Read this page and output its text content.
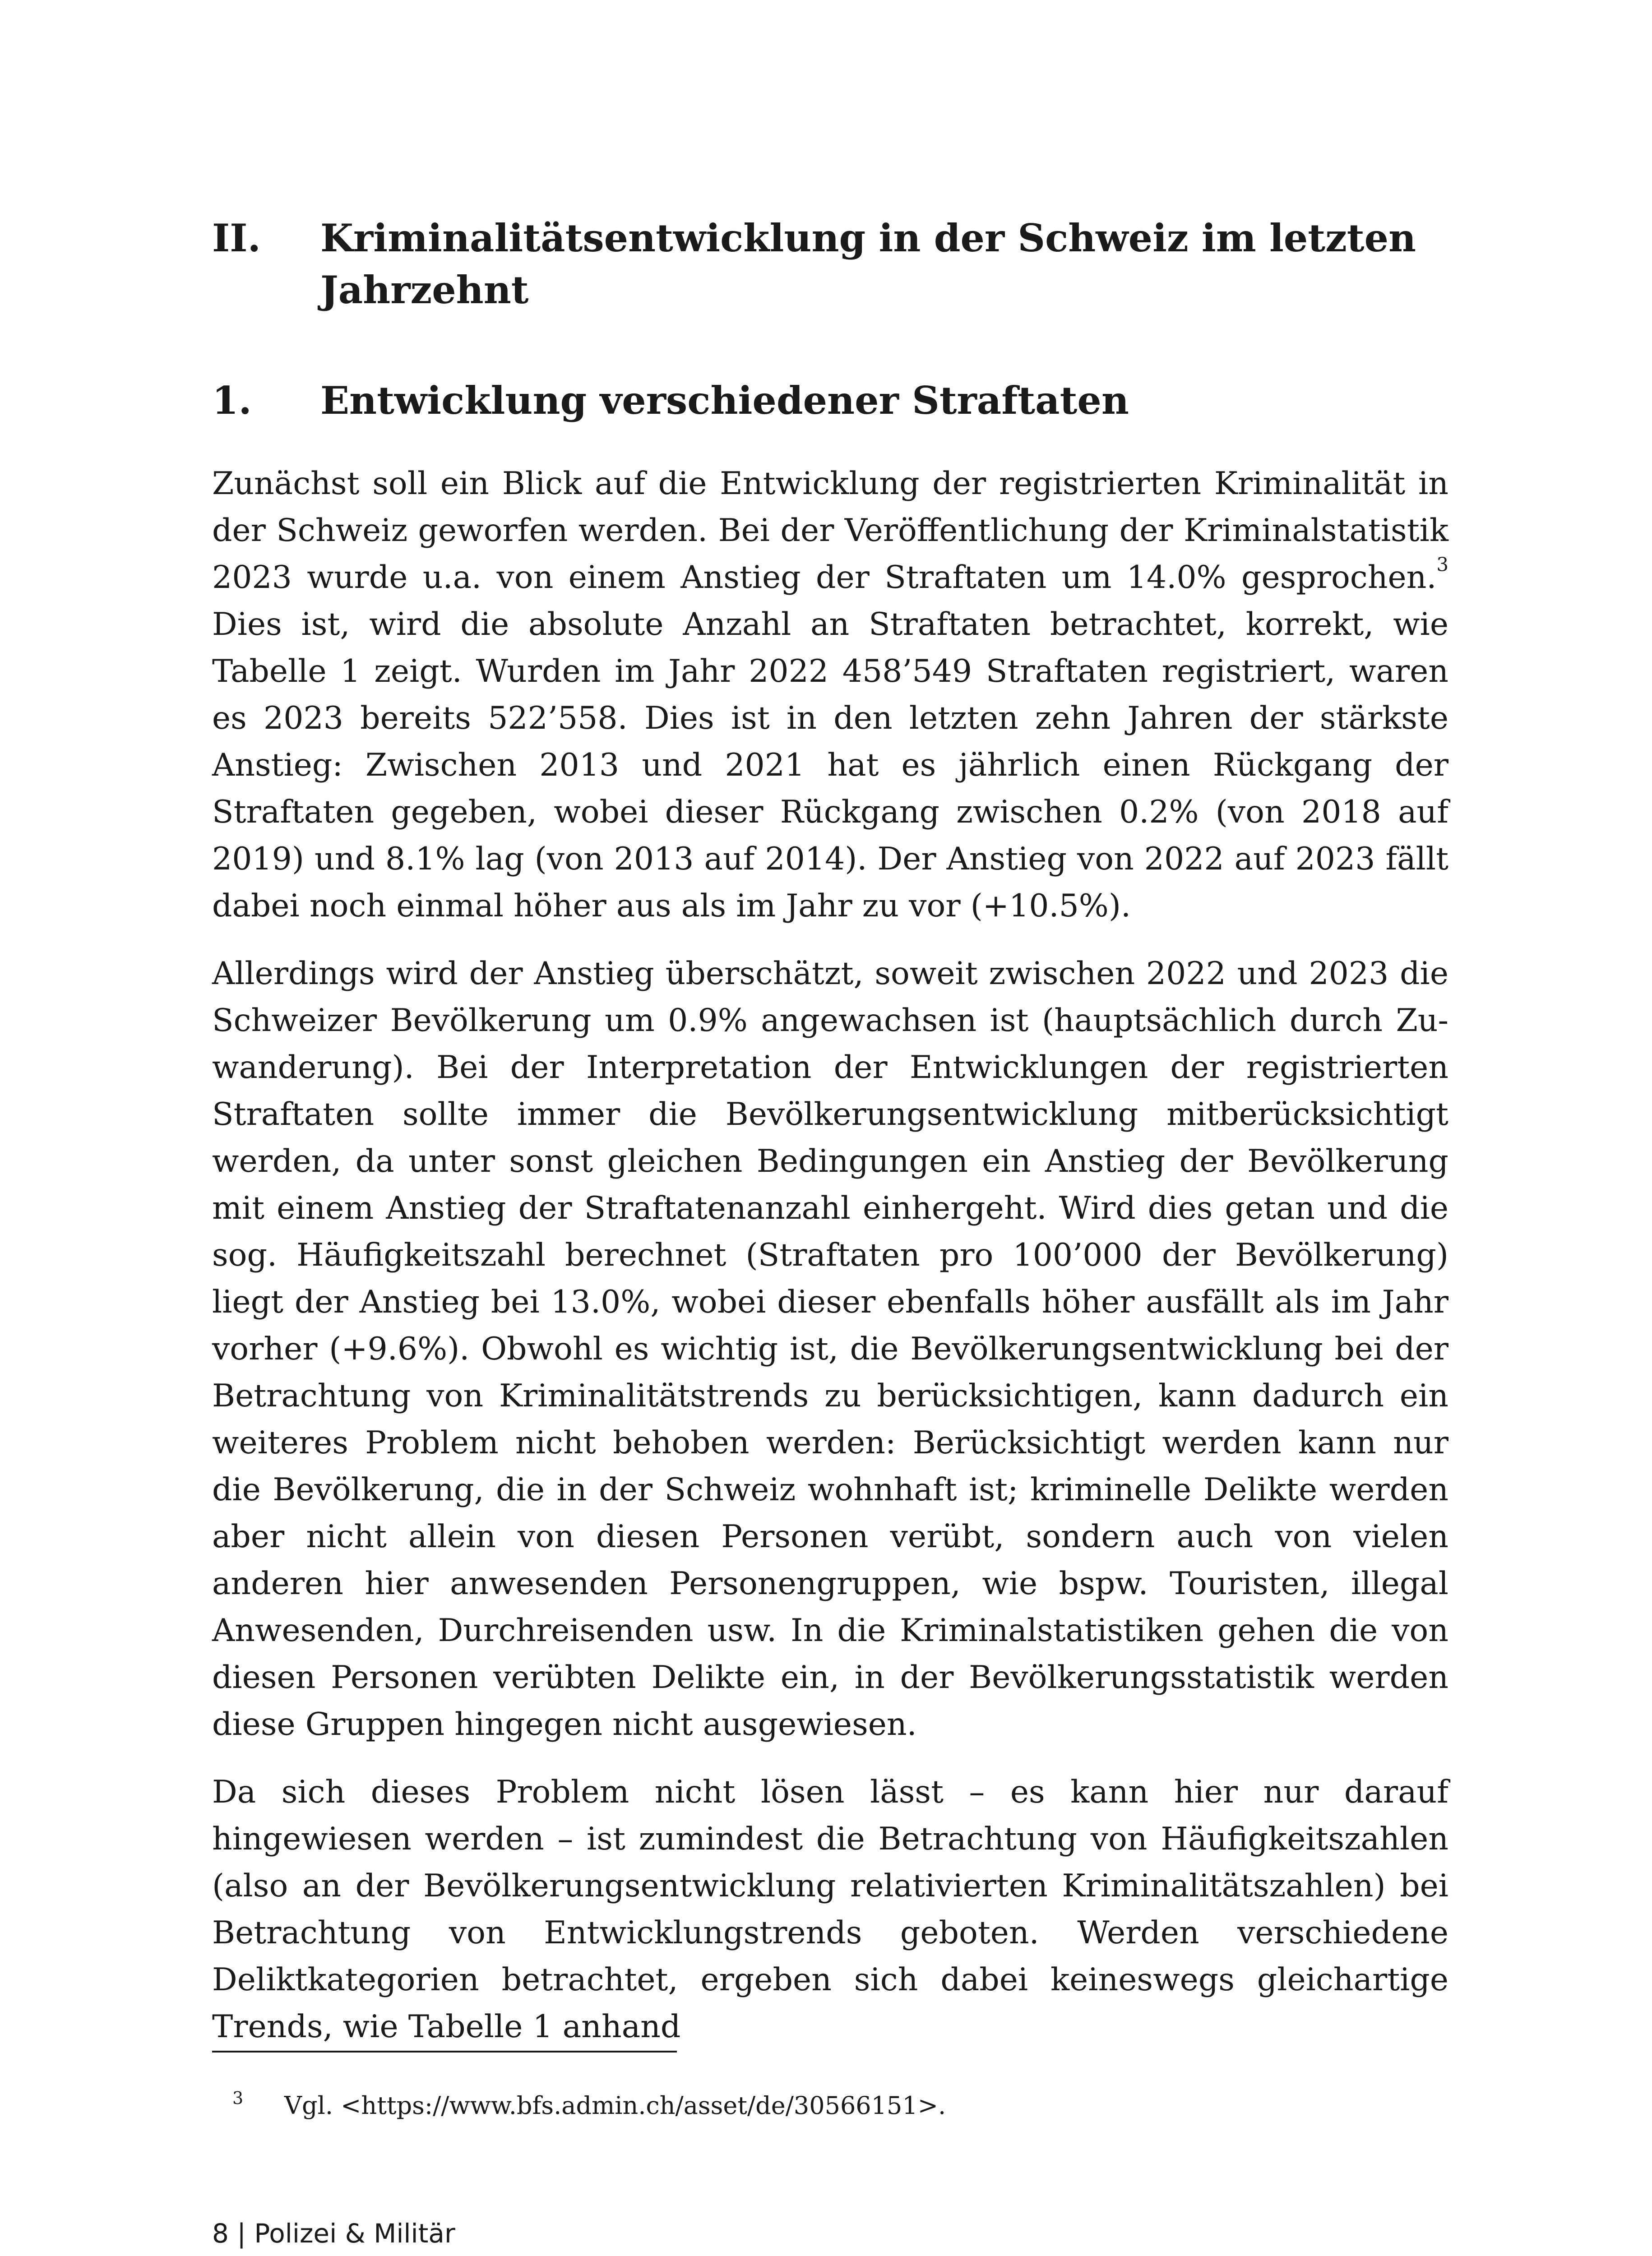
II.	Kriminalitätsentwicklung in der Schweiz im letzten Jahrzehnt
1.	Entwicklung verschiedener Straftaten

Zunächst soll ein Blick auf die Entwicklung der registrierten Kriminalität in der Schweiz geworfen werden. Bei der Veröffentlichung der Kriminalstatistik 2023 wurde u.a. von einem Anstieg der Straftaten um 14.0% gesprochen.$^3$ Dies ist, wird die absolute Anzahl an Straftaten betrachtet, korrekt, wie Tabelle 1 zeigt. Wurden im Jahr 2022 458’549 Straftaten registriert, waren es 2023 bereits 522’558. Dies ist in den letzten zehn Jahren der stärkste Anstieg: Zwischen 2013 und 2021 hat es jährlich einen Rückgang der Straftaten gegeben, wobei dieser Rückgang zwischen 0.2% (von 2018 auf 2019) und 8.1% lag (von 2013 auf 2014). Der Anstieg von 2022 auf 2023 fällt dabei noch einmal höher aus als im Jahr zu vor (+10.5%).

Allerdings wird der Anstieg überschätzt, soweit zwischen 2022 und 2023 die Schweizer Bevölkerung um 0.9% angewachsen ist (hauptsächlich durch Zuwanderung). Bei der Interpretation der Entwicklungen der registrierten Straftaten sollte immer die Bevölkerungsentwicklung mitberücksichtigt werden, da unter sonst gleichen Bedingungen ein Anstieg der Bevölkerung mit einem Anstieg der Straftatenanzahl einhergeht. Wird dies getan und die sog. Häufigkeitszahl berechnet (Straftaten pro 100’000 der Bevölkerung) liegt der Anstieg bei 13.0%, wobei dieser ebenfalls höher ausfällt als im Jahr vorher (+9.6%). Obwohl es wichtig ist, die Bevölkerungsentwicklung bei der Betrachtung von Kriminalitätstrends zu berücksichtigen, kann dadurch ein weiteres Problem nicht behoben werden: Berücksichtigt werden kann nur die Bevölkerung, die in der Schweiz wohnhaft ist; kriminelle Delikte werden aber nicht allein von diesen Personen verübt, sondern auch von vielen anderen hier anwesenden Personengruppen, wie bspw. Touristen, illegal Anwesenden, Durchreisenden usw. In die Kriminalstatistiken gehen die von diesen Personen verübten Delikte ein, in der Bevölkerungsstatistik werden diese Gruppen hingegen nicht ausgewiesen.

Da sich dieses Problem nicht lösen lässt – es kann hier nur darauf hingewiesen werden – ist zumindest die Betrachtung von Häufigkeitszahlen (also an der Bevölkerungsentwicklung relativierten Kriminalitätszahlen) bei Betrachtung von Entwicklungstrends geboten. Werden verschiedene Deliktkategorien betrachtet, ergeben sich dabei keineswegs gleichartige Trends, wie Tabelle 1 anhand

3 Vgl. <https://www.bfs.admin.ch/asset/de/30566151>.
8 | Polizei & Militär
